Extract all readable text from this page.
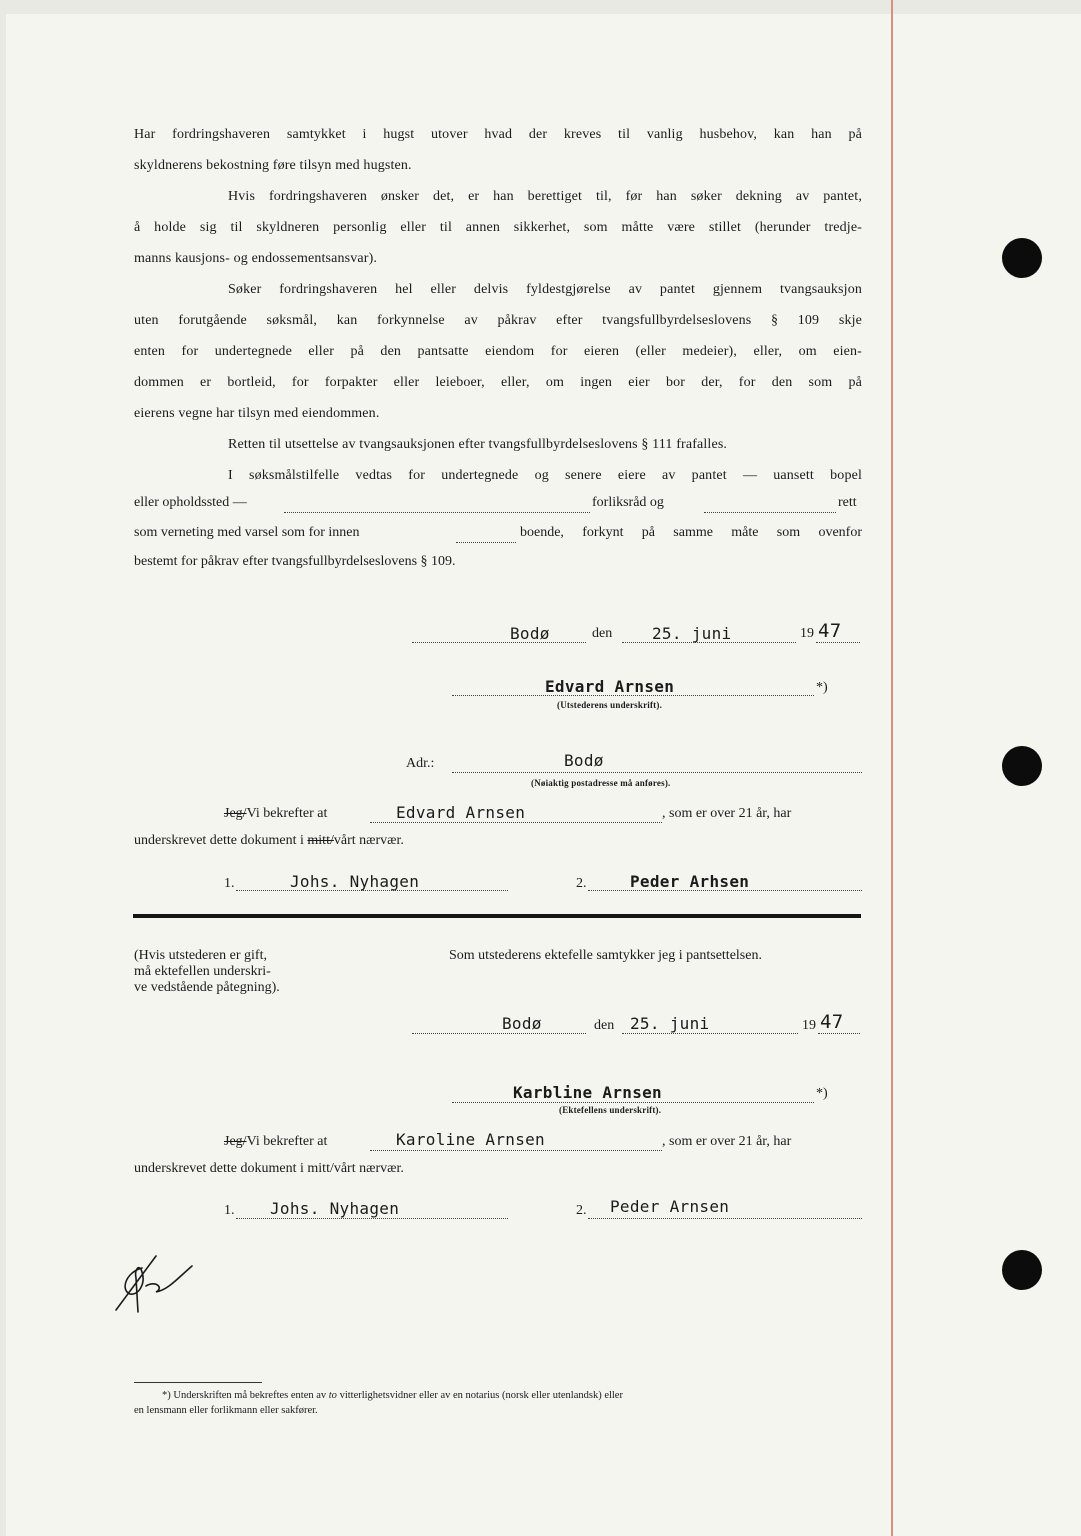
Har fordringshaveren samtykket i hugst utover hvad der kreves til vanlig husbehov, kan han på
skyldnerens bekostning føre tilsyn med hugsten.
Hvis fordringshaveren ønsker det, er han berettiget til, før han søker dekning av pantet,
å holde sig til skyldneren personlig eller til annen sikkerhet, som måtte være stillet (herunder tredje-
manns kausjons- og endossementsansvar).
Søker fordringshaveren hel eller delvis fyldestgjørelse av pantet gjennem tvangsauksjon
uten forutgående søksmål, kan forkynnelse av påkrav efter tvangsfullbyrdelseslovens § 109 skje
enten for undertegnede eller på den pantsatte eiendom for eieren (eller medeier), eller, om eien-
dommen er bortleid, for forpakter eller leieboer, eller, om ingen eier bor der, for den som på
eierens vegne har tilsyn med eiendommen.
Retten til utsettelse av tvangsauksjonen efter tvangsfullbyrdelseslovens § 111 frafalles.
I søksmålstilfelle vedtas for undertegnede og senere eiere av pantet — uansett bopel
eller opholdssted —	forliksråd og	rett
som verneting med varsel som for innen	boende, forkynt på samme måte som ovenfor
bestemt for påkrav efter tvangsfullbyrdelseslovens § 109.
Bodø	den 25. juni	19 47
Edvard Arnsen	*)
(Utstederens underskrift).
Adr.:	Bodø
(Nøiaktig postadresse må anføres).
Jeg/Vi bekrefter at	Edvard Arnsen	, som er over 21 år, har
underskrevet dette dokument i mitt/vårt nærvær.
1.	Johs. Nyhagen	2.	Peder Arhsen
(Hvis utstederen er gift,
må ektefellen underskri-
ve vedstående påtegning).
Som utstederens ektefelle samtykker jeg i pantsettelsen.
Bodø	den 25. juni	19 47
Karbline Arnsen	*)
(Ektefellens underskrift).
Jeg/Vi bekrefter at	Karoline Arnsen	, som er over 21 år, har
underskrevet dette dokument i mitt/vårt nærvær.
1. Johs. Nyhagen	2. Peder Arnsen
*) Underskriften må bekreftes enten av to vitterlighetsvidner eller av en notarius (norsk eller utenlandsk) eller
en lensmann eller forlikmann eller sakfører.
